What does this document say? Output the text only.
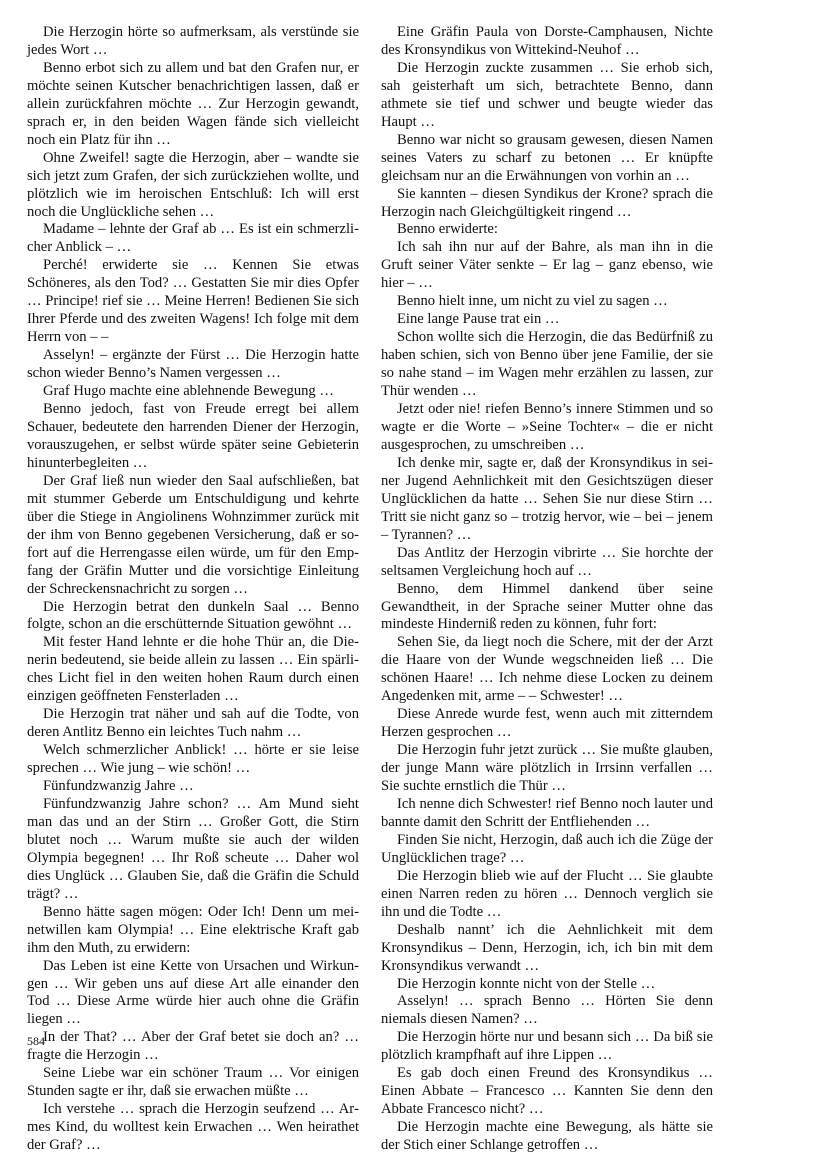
Die Herzogin hörte so aufmerksam, als verstünde sie jedes Wort …

Benno erbot sich zu allem und bat den Grafen nur, er möchte seinen Kutscher benachrichtigen lassen, daß er allein zurückfahren möchte … Zur Herzogin gewandt, sprach er, in den beiden Wagen fände sich vielleicht noch ein Platz für ihn …

Ohne Zweifel! sagte die Herzogin, aber – wandte sie sich jetzt zum Grafen, der sich zurückziehen wollte, und plötzlich wie im heroischen Entschluß: Ich will erst noch die Unglückliche sehen …

Madame – lehnte der Graf ab … Es ist ein schmerzlicher Anblick – …

Perché! erwiderte sie … Kennen Sie etwas Schöneres, als den Tod? … Gestatten Sie mir dies Opfer … Principe! rief sie … Meine Herren! Bedienen Sie sich Ihrer Pferde und des zweiten Wagens! Ich folge mit dem Herrn von – –

Asselyn! – ergänzte der Fürst … Die Herzogin hatte schon wieder Benno’s Namen vergessen …

Graf Hugo machte eine ablehnende Bewegung …

Benno jedoch, fast von Freude erregt bei allem Schauer, bedeutete den harrenden Diener der Herzogin, vorauszugehen, er selbst würde später seine Gebieterin hinunterbegleiten …

Der Graf ließ nun wieder den Saal aufschließen, bat mit stummer Geberde um Entschuldigung und kehrte über die Stiege in Angiolinens Wohnzimmer zurück mit der ihm von Benno gegebenen Versicherung, daß er sofort auf die Herrengasse eilen würde, um für den Empfang der Gräfin Mutter und die vorsichtige Einleitung der Schreckensnachricht zu sorgen …

Die Herzogin betrat den dunkeln Saal … Benno folgte, schon an die erschütternde Situation gewöhnt …

Mit fester Hand lehnte er die hohe Thür an, die Dienerin bedeutend, sie beide allein zu lassen … Ein spärliches Licht fiel in den weiten hohen Raum durch einen einzigen geöffneten Fensterladen …

Die Herzogin trat näher und sah auf die Todte, von deren Antlitz Benno ein leichtes Tuch nahm …

Welch schmerzlicher Anblick! … hörte er sie leise sprechen … Wie jung – wie schön! …

Fünfundzwanzig Jahre …

Fünfundzwanzig Jahre schon? … Am Mund sieht man das und an der Stirn … Großer Gott, die Stirn blutet noch … Warum mußte sie auch der wilden Olympia begegnen! … Ihr Roß scheute … Daher wol dies Unglück … Glauben Sie, daß die Gräfin die Schuld trägt? …

Benno hätte sagen mögen: Oder Ich! Denn um meinetwillen kam Olympia! … Eine elektrische Kraft gab ihm den Muth, zu erwidern:

Das Leben ist eine Kette von Ursachen und Wirkungen … Wir geben uns auf diese Art alle einander den Tod … Diese Arme würde hier auch ohne die Gräfin liegen …

In der That? … Aber der Graf betet sie doch an? … fragte die Herzogin …

Seine Liebe war ein schöner Traum … Vor einigen Stunden sagte er ihr, daß sie erwachen müßte …

Ich verstehe … sprach die Herzogin seufzend … Armes Kind, du wolltest kein Erwachen … Wen heirathet der Graf? …

Eine Gräfin Paula von Dorste-Camphausen, Nichte des Kronsyndikus von Wittekind-Neuhof …

Die Herzogin zuckte zusammen … Sie erhob sich, sah geisterhaft um sich, betrachtete Benno, dann athmete sie tief und schwer und beugte wieder das Haupt …

Benno war nicht so grausam gewesen, diesen Namen seines Vaters zu scharf zu betonen … Er knüpfte gleichsam nur an die Erwähnungen von vorhin an …

Sie kannten – diesen Syndikus der Krone? sprach die Herzogin nach Gleichgültigkeit ringend …

Benno erwiderte:

Ich sah ihn nur auf der Bahre, als man ihn in die Gruft seiner Väter senkte – Er lag – ganz ebenso, wie hier – …

Benno hielt inne, um nicht zu viel zu sagen …

Eine lange Pause trat ein …

Schon wollte sich die Herzogin, die das Bedürfniß zu haben schien, sich von Benno über jene Familie, der sie so nahe stand – im Wagen mehr erzählen zu lassen, zur Thür wenden …

Jetzt oder nie! riefen Benno’s innere Stimmen und so wagte er die Worte – »Seine Tochter« – die er nicht ausgesprochen, zu umschreiben …

Ich denke mir, sagte er, daß der Kronsyndikus in seiner Jugend Aehnlichkeit mit den Gesichtszügen dieser Unglücklichen da hatte … Sehen Sie nur diese Stirn … Tritt sie nicht ganz so – trotzig hervor, wie – bei – jenem – Tyrannen? …

Das Antlitz der Herzogin vibrirte … Sie horchte der seltsamen Vergleichung hoch auf …

Benno, dem Himmel dankend über seine Gewandtheit, in der Sprache seiner Mutter ohne das mindeste Hinderniß reden zu können, fuhr fort:

Sehen Sie, da liegt noch die Schere, mit der der Arzt die Haare von der Wunde wegschneiden ließ … Die schönen Haare! … Ich nehme diese Locken zu deinem Angedenken mit, arme – – Schwester! …

Diese Anrede wurde fest, wenn auch mit zitterndem Herzen gesprochen …

Die Herzogin fuhr jetzt zurück … Sie mußte glauben, der junge Mann wäre plötzlich in Irrsinn verfallen … Sie suchte ernstlich die Thür …

Ich nenne dich Schwester! rief Benno noch lauter und bannte damit den Schritt der Entfliehenden …

Finden Sie nicht, Herzogin, daß auch ich die Züge der Unglücklichen trage? …

Die Herzogin blieb wie auf der Flucht … Sie glaubte einen Narren reden zu hören … Dennoch verglich sie ihn und die Todte …

Deshalb nannt’ ich die Aehnlichkeit mit dem Kronsyndikus – Denn, Herzogin, ich, ich bin mit dem Kronsyndikus verwandt …

Die Herzogin konnte nicht von der Stelle …

Asselyn! … sprach Benno … Hörten Sie denn niemals diesen Namen? …

Die Herzogin hörte nur und besann sich … Da biß sie plötzlich krampfhaft auf ihre Lippen …

Es gab doch einen Freund des Kronsyndikus … Einen Abbate – Francesco … Kannten Sie denn den Abbate Francesco nicht? …

Die Herzogin machte eine Bewegung, als hätte sie der Stich einer Schlange getroffen …

584
